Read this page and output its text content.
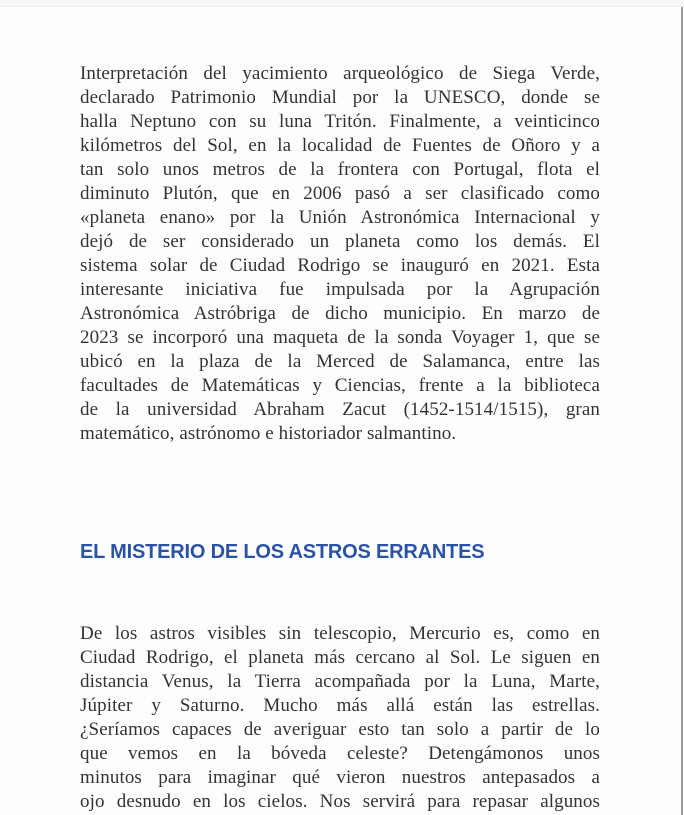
Interpretación del yacimiento arqueológico de Siega Verde,
declarado Patrimonio Mundial por la UNESCO, donde se
halla Neptuno con su luna Tritón. Finalmente, a veinticinco
kilómetros del Sol, en la localidad de Fuentes de Oñoro y a
tan solo unos metros de la frontera con Portugal, flota el
diminuto Plutón, que en 2006 pasó a ser clasificado como
«planeta enano» por la Unión Astronómica Internacional y
dejó de ser considerado un planeta como los demás. El
sistema solar de Ciudad Rodrigo se inauguró en 2021. Esta
interesante iniciativa fue impulsada por la Agrupación
Astronómica Astróbriga de dicho municipio. En marzo de
2023 se incorporó una maqueta de la sonda Voyager 1, que se
ubicó en la plaza de la Merced de Salamanca, entre las
facultades de Matemáticas y Ciencias, frente a la biblioteca
de la universidad Abraham Zacut (1452-1514/1515), gran
matemático, astrónomo e historiador salmantino.
EL MISTERIO DE LOS ASTROS ERRANTES
De los astros visibles sin telescopio, Mercurio es, como en
Ciudad Rodrigo, el planeta más cercano al Sol. Le siguen en
distancia Venus, la Tierra acompañada por la Luna, Marte,
Júpiter y Saturno. Mucho más allá están las estrellas.
¿Seríamos capaces de averiguar esto tan solo a partir de lo
que vemos en la bóveda celeste? Detengámonos unos
minutos para imaginar qué vieron nuestros antepasados a
ojo desnudo en los cielos. Nos servirá para repasar algunos
